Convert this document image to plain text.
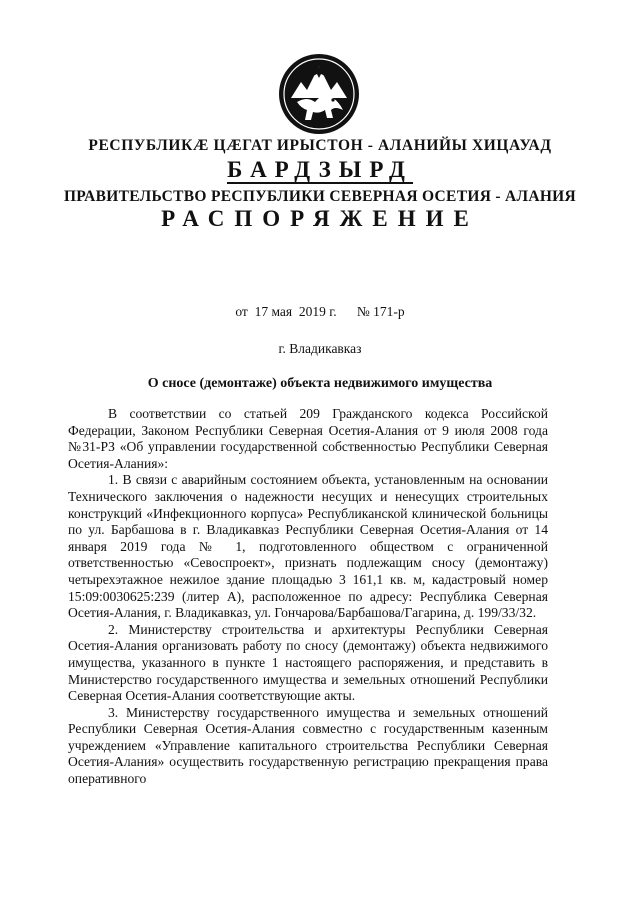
РЕСПУБЛИКӔ ЦӔГАТ ИРЫСТОН - АЛАНИЙЫ ХИЦАУАД
БАРДЗЫРД
ПРАВИТЕЛЬСТВО РЕСПУБЛИКИ СЕВЕРНАЯ ОСЕТИЯ - АЛАНИЯ
РАСПОРЯЖЕНИЕ
от  17 мая  2019 г.      № 171-р
г. Владикавказ
О сносе (демонтаже) объекта недвижимого имущества

В соответствии со статьей 209 Гражданского кодекса Российской Федерации, Законом Республики Северная Осетия-Алания от 9 июля 2008 года №31-РЗ «Об управлении государственной собственностью Республики Северная Осетия-Алания»:

1. В связи с аварийным состоянием объекта, установленным на основании Технического заключения о надежности несущих и ненесущих строительных конструкций «Инфекционного корпуса» Республиканской клинической больницы по ул. Барбашова в г. Владикавказ Республики Северная Осетия-Алания от 14 января 2019 года № 1, подготовленного обществом с ограниченной ответственностью «Севоспроект», признать подлежащим сносу (демонтажу) четырехэтажное нежилое здание площадью 3 161,1 кв. м, кадастровый номер 15:09:0030625:239 (литер А), расположенное по адресу: Республика Северная Осетия-Алания, г. Владикавказ, ул. Гончарова/Барбашова/Гагарина, д. 199/33/32.

2. Министерству строительства и архитектуры Республики Северная Осетия-Алания организовать работу по сносу (демонтажу) объекта недвижимого имущества, указанного в пункте 1 настоящего распоряжения, и представить в Министерство государственного имущества и земельных отношений Республики Северная Осетия-Алания соответствующие акты.

3. Министерству государственного имущества и земельных отношений Республики Северная Осетия-Алания совместно с государственным казенным учреждением «Управление капитального строительства Республики Северная Осетия-Алания» осуществить государственную регистрацию прекращения права оперативного
